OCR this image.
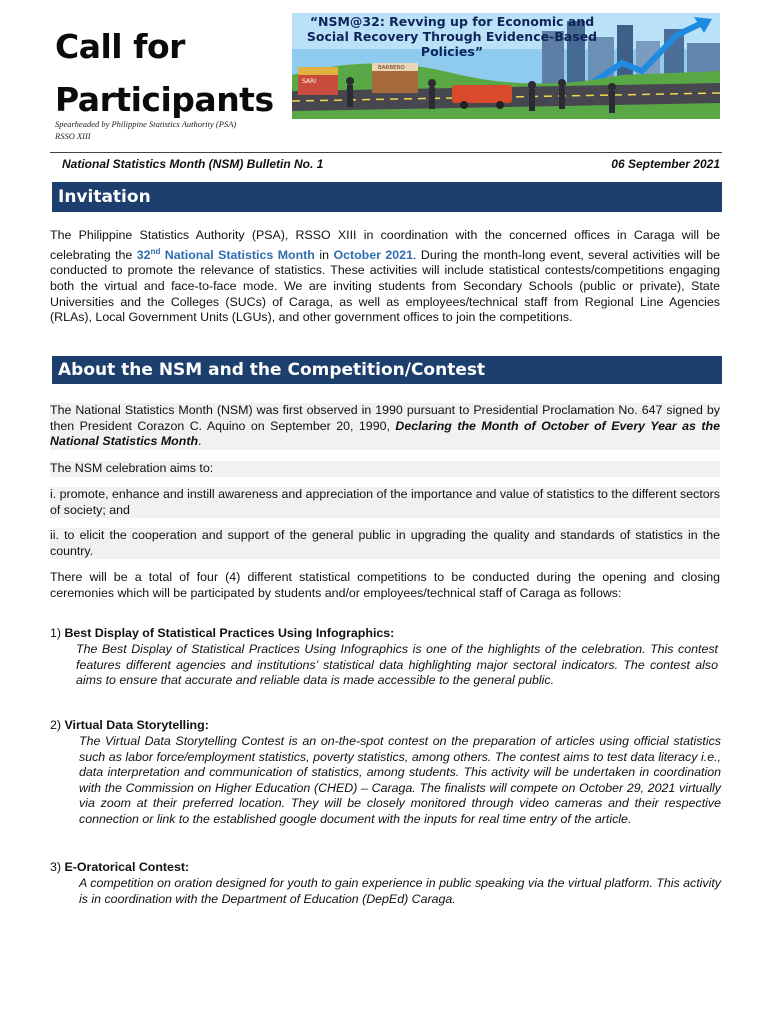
Call for Participants
Spearheaded by Philippine Statistics Authority (PSA) RSSO XIII
SARI
BARBERO
“NSM@32: Revving up for Economic and Social Recovery Through Evidence-Based Policies”
National Statistics Month (NSM) Bulletin No. 1	06 September 2021
Invitation

The Philippine Statistics Authority (PSA), RSSO XIII in coordination with the concerned offices in Caraga will be celebrating the 32nd National Statistics Month in October 2021. During the month-long event, several activities will be conducted to promote the relevance of statistics. These activities will include statistical contests/competitions engaging both the virtual and face-to-face mode. We are inviting students from Secondary Schools (public or private), State Universities and the Colleges (SUCs) of Caraga, as well as employees/technical staff from Regional Line Agencies (RLAs), Local Government Units (LGUs), and other government offices to join the competitions.

About the NSM and the Competition/Contest

The National Statistics Month (NSM) was first observed in 1990 pursuant to Presidential Proclamation No. 647 signed by then President Corazon C. Aquino on September 20, 1990, Declaring the Month of October of Every Year as the National Statistics Month.

The NSM celebration aims to:

i. promote, enhance and instill awareness and appreciation of the importance and value of statistics to the different sectors of society; and

ii. to elicit the cooperation and support of the general public in upgrading the quality and standards of statistics in the country.

There will be a total of four (4) different statistical competitions to be conducted during the opening and closing ceremonies which will be participated by students and/or employees/technical staff of Caraga as follows:

1) Best Display of Statistical Practices Using Infographics:

The Best Display of Statistical Practices Using Infographics is one of the highlights of the celebration. This contest features different agencies and institutions’ statistical data highlighting major sectoral indicators. The contest also aims to ensure that accurate and reliable data is made accessible to the general public.

2) Virtual Data Storytelling:

The Virtual Data Storytelling Contest is an on-the-spot contest on the preparation of articles using official statistics such as labor force/employment statistics, poverty statistics, among others. The contest aims to test data literacy i.e., data interpretation and communication of statistics, among students. This activity will be undertaken in coordination with the Commission on Higher Education (CHED) – Caraga. The finalists will compete on October 29, 2021 virtually via zoom at their preferred location. They will be closely monitored through video cameras and their respective connection or link to the established google document with the inputs for real time entry of the article.

3) E-Oratorical Contest:

A competition on oration designed for youth to gain experience in public speaking via the virtual platform. This activity is in coordination with the Department of Education (DepEd) Caraga.
